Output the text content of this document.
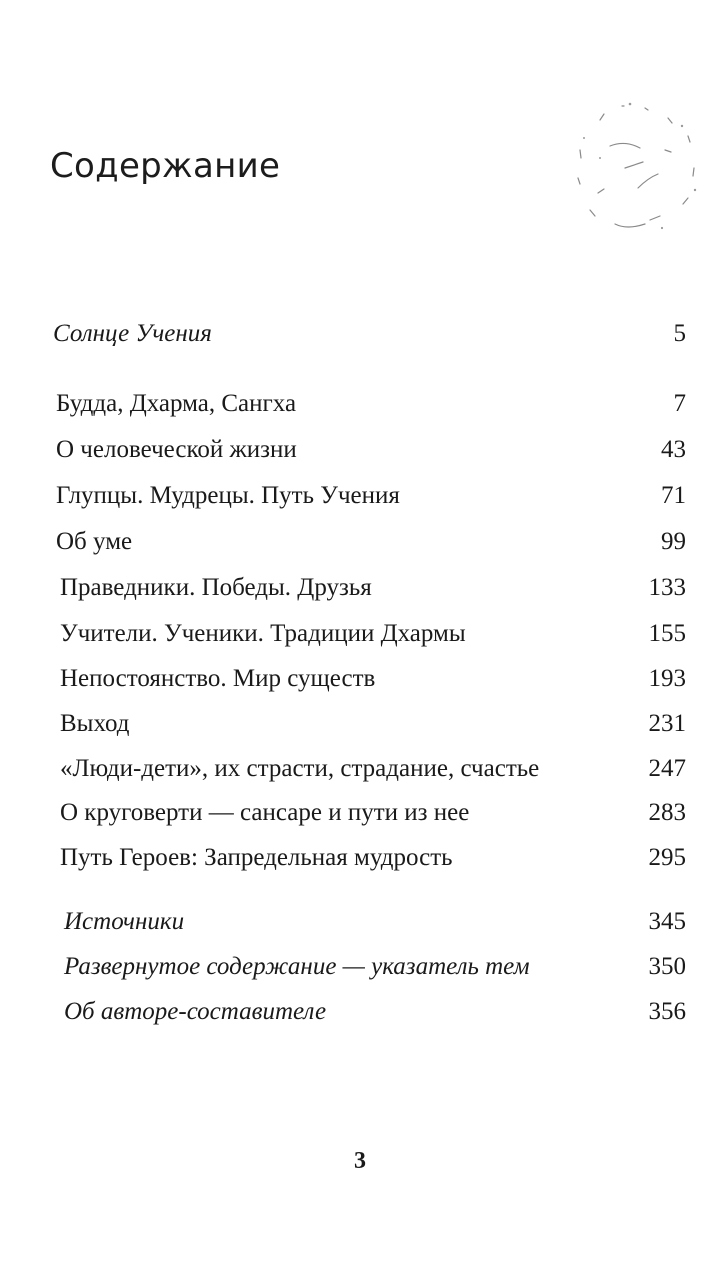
Содержание
Солнце Учения	5
Будда, Дхарма, Сангха	7
О человеческой жизни	43
Глупцы. Мудрецы. Путь Учения	71
Об уме	99
Праведники. Победы. Друзья	133
Учители. Ученики. Традиции Дхармы	155
Непостоянство. Мир существ	193
Выход	231
«Люди-дети», их страсти, страдание, счастье	247
О круговерти — сансаре и пути из нее	283
Путь Героев: Запредельная мудрость	295
Источники	345
Развернутое содержание — указатель тем	350
Об авторе-составителе	356
3
